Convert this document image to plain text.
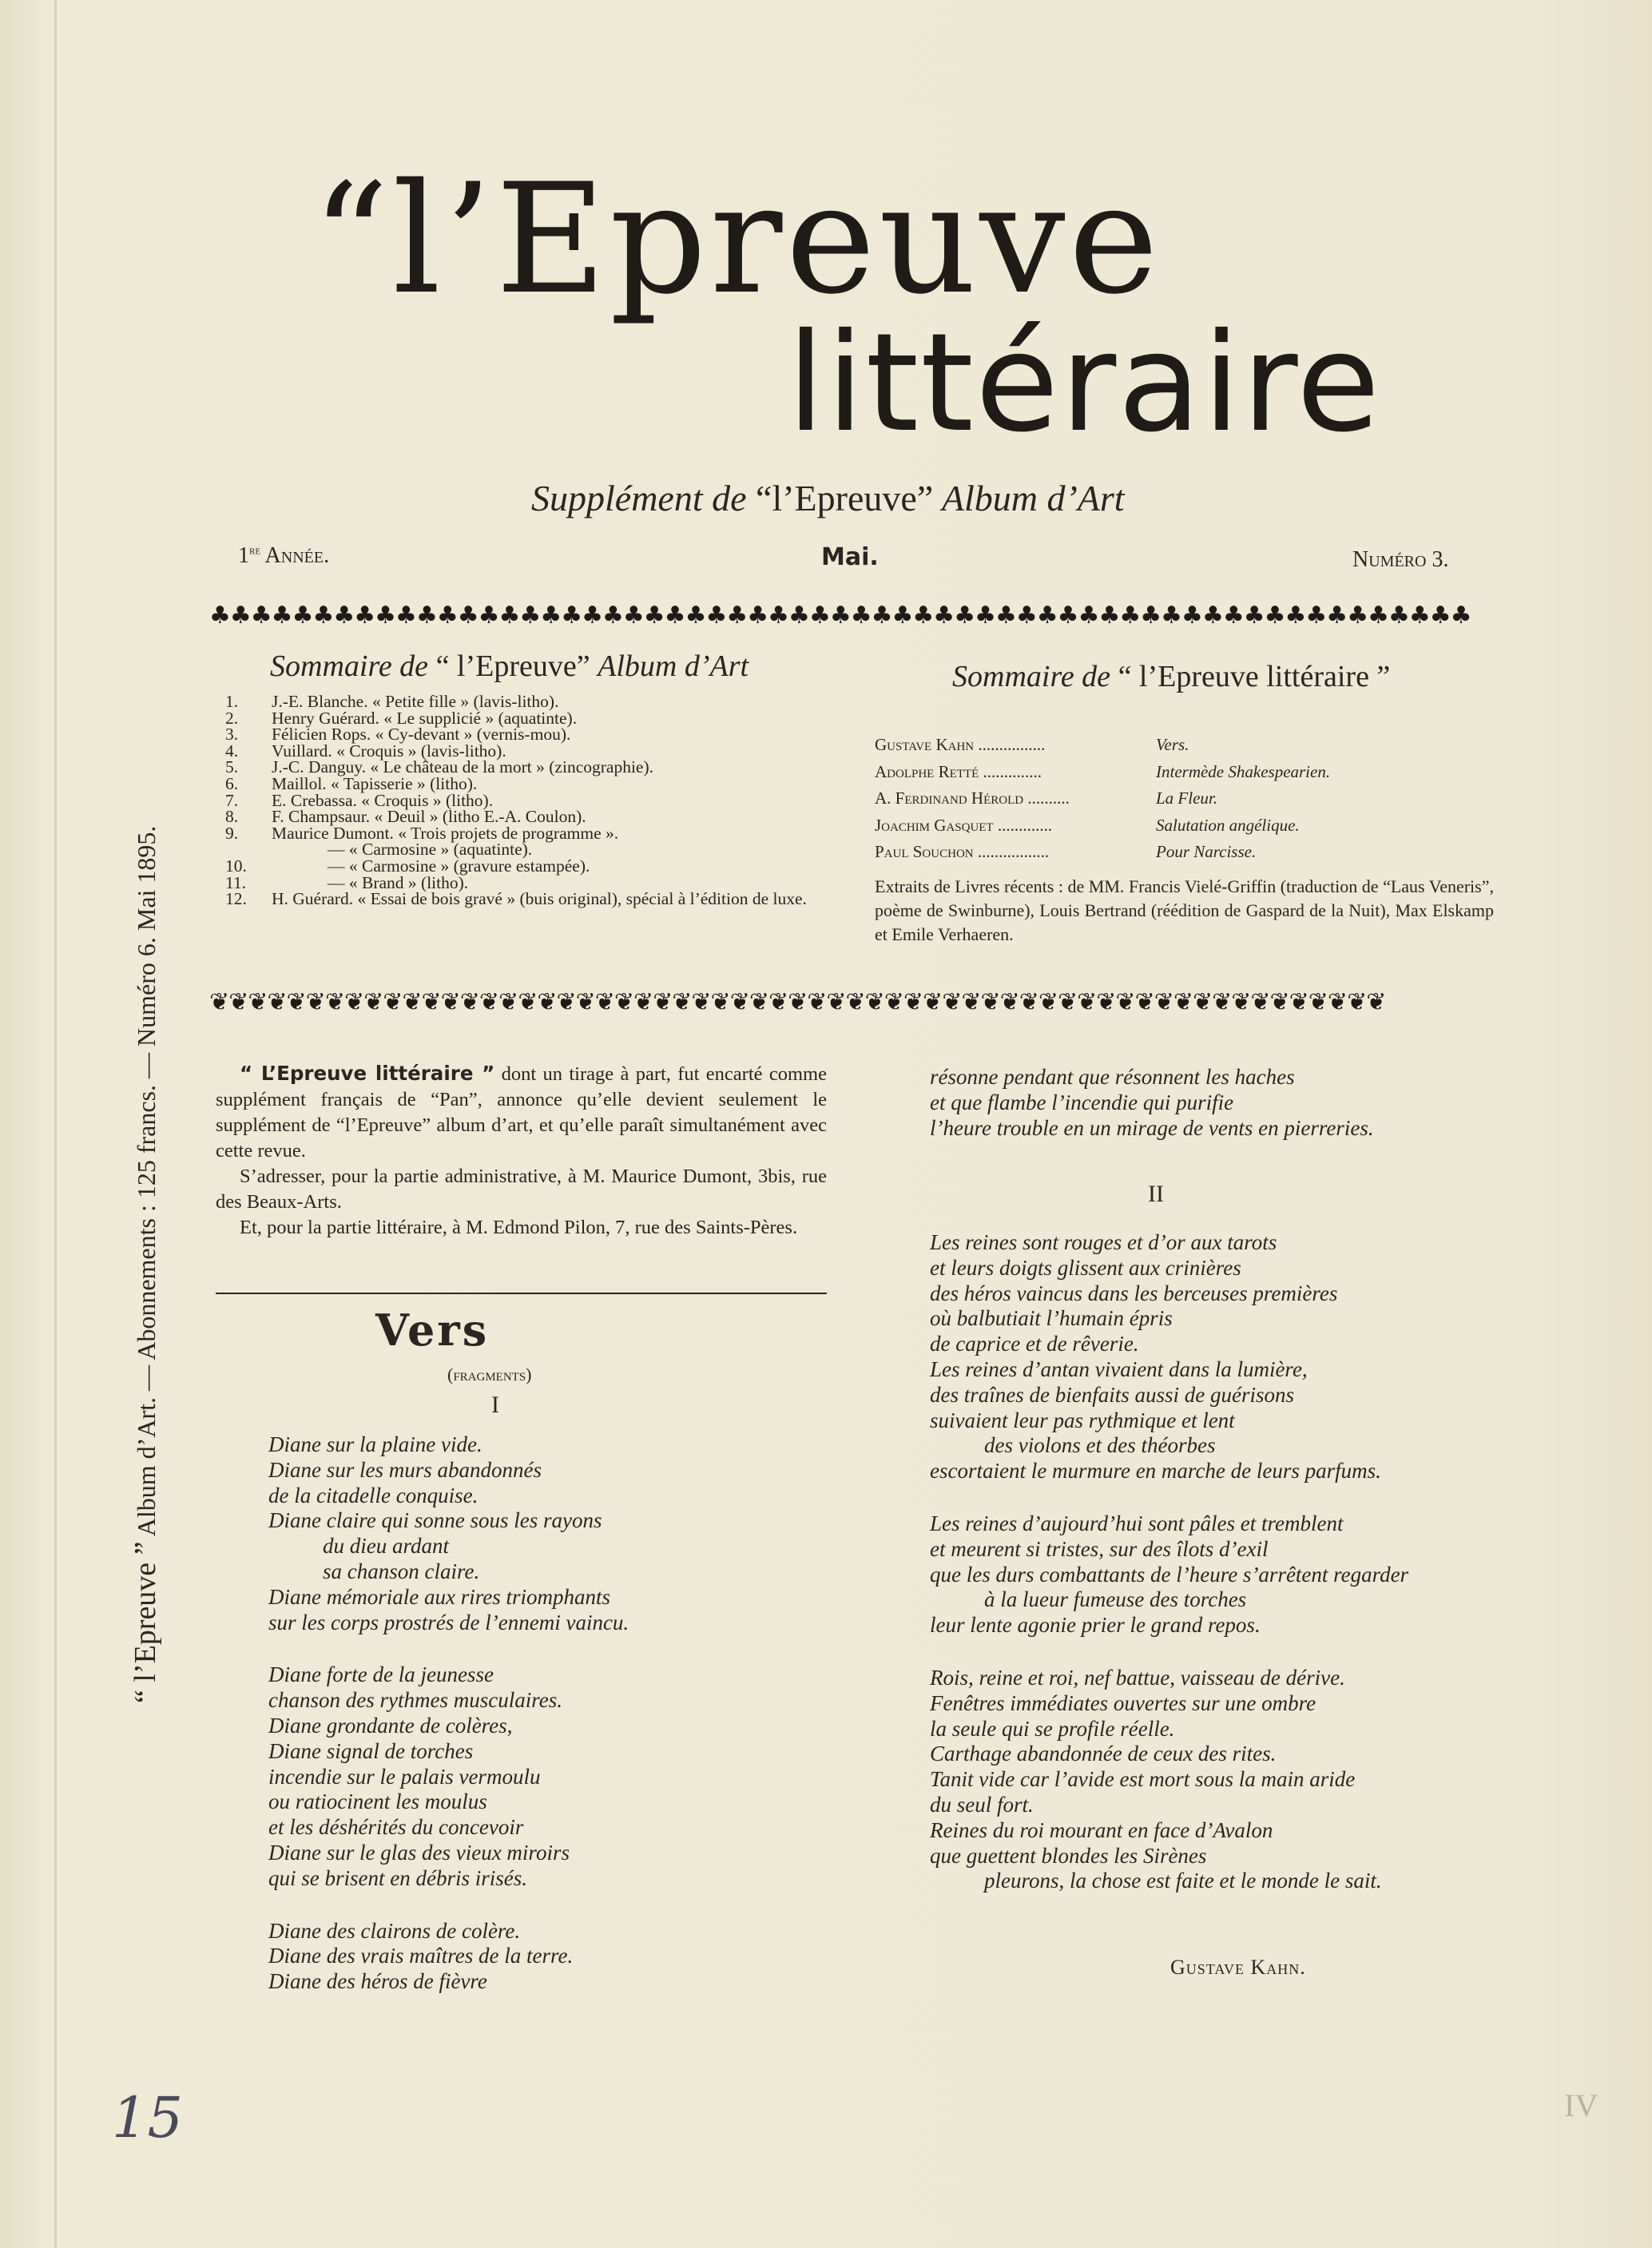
“l’Epreuve
littéraire
Supplément de “l’Epreuve” Album d’Art
1re Année.	Mai.	Numéro 3.
♣♣♣♣♣♣♣♣♣♣♣♣♣♣♣♣♣♣♣♣♣♣♣♣♣♣♣♣♣♣♣♣♣♣♣♣♣♣♣♣♣♣♣♣♣♣♣♣♣♣♣♣♣♣♣♣♣♣♣♣♣
Sommaire de “ l’Epreuve” Album d’Art
1.	J.-E. Blanche. « Petite fille » (lavis-litho).
2.	Henry Guérard. « Le supplicié » (aquatinte).
3.	Félicien Rops. « Cy-devant » (vernis-mou).
4.	Vuillard. « Croquis » (lavis-litho).
5.	J.-C. Danguy. « Le château de la mort » (zincographie).
6.	Maillol. « Tapisserie » (litho).
7.	E. Crebassa. « Croquis » (litho).
8.	F. Champsaur. « Deuil » (litho E.-A. Coulon).
9.	Maurice Dumont. « Trois projets de programme ».
— « Carmosine » (aquatinte).
10.	— « Carmosine » (gravure estampée).
11.	— « Brand » (litho).
12.	H. Guérard. « Essai de bois gravé » (buis original), spécial à l’édition de luxe.
Sommaire de “ l’Epreuve littéraire ”
Gustave Kahn ................	Vers.
Adolphe Retté ..............	Intermède Shakespearien.
A. Ferdinand Hérold ..........	La Fleur.
Joachim Gasquet .............	Salutation angélique.
Paul Souchon .................	Pour Narcisse.
Extraits de Livres récents : de MM. Francis Vielé-Griffin (traduction de “Laus Veneris”, poème de Swinburne), Louis Bertrand (réédition de Gaspard de la Nuit), Max Elskamp et Emile Verhaeren.
❦❦❦❦❦❦❦❦❦❦❦❦❦❦❦❦❦❦❦❦❦❦❦❦❦❦❦❦❦❦❦❦❦❦❦❦❦❦❦❦❦❦❦❦❦❦❦❦❦❦❦❦❦❦❦❦❦❦❦❦❦

“ L’Epreuve littéraire ” dont un tirage à part, fut encarté comme supplément français de “Pan”, annonce qu’elle devient seulement le supplément de “l’Epreuve” album d’art, et qu’elle paraît simultanément avec cette revue.

S’adresser, pour la partie administrative, à M. Maurice Dumont, 3bis, rue des Beaux-Arts.

Et, pour la partie littéraire, à M. Edmond Pilon, 7, rue des Saints-Pères.

Vers
(fragments)
I
Diane sur la plaine vide.
Diane sur les murs abandonnés
de la citadelle conquise.
Diane claire qui sonne sous les rayons
du dieu ardant
sa chanson claire.
Diane mémoriale aux rires triomphants
sur les corps prostrés de l’ennemi vaincu.
Diane forte de la jeunesse
chanson des rythmes musculaires.
Diane grondante de colères,
Diane signal de torches
incendie sur le palais vermoulu
ou ratiocinent les moulus
et les déshérités du concevoir
Diane sur le glas des vieux miroirs
qui se brisent en débris irisés.
Diane des clairons de colère.
Diane des vrais maîtres de la terre.
Diane des héros de fièvre
résonne pendant que résonnent les haches
et que flambe l’incendie qui purifie
l’heure trouble en un mirage de vents en pierreries.
II
Les reines sont rouges et d’or aux tarots
et leurs doigts glissent aux crinières
des héros vaincus dans les berceuses premières
où balbutiait l’humain épris
de caprice et de rêverie.
Les reines d’antan vivaient dans la lumière,
des traînes de bienfaits aussi de guérisons
suivaient leur pas rythmique et lent
des violons et des théorbes
escortaient le murmure en marche de leurs parfums.
Les reines d’aujourd’hui sont pâles et tremblent
et meurent si tristes, sur des îlots d’exil
que les durs combattants de l’heure s’arrêtent regarder
à la lueur fumeuse des torches
leur lente agonie prier le grand repos.
Rois, reine et roi, nef battue, vaisseau de dérive.
Fenêtres immédiates ouvertes sur une ombre
la seule qui se profile réelle.
Carthage abandonnée de ceux des rites.
Tanit vide car l’avide est mort sous la main aride
du seul fort.
Reines du roi mourant en face d’Avalon
que guettent blondes les Sirènes
pleurons, la chose est faite et le monde le sait.
Gustave Kahn.
“ l’Epreuve ” Album d’Art. — Abonnements : 125 francs. — Numéro 6. Mai 1895.
15	IV
